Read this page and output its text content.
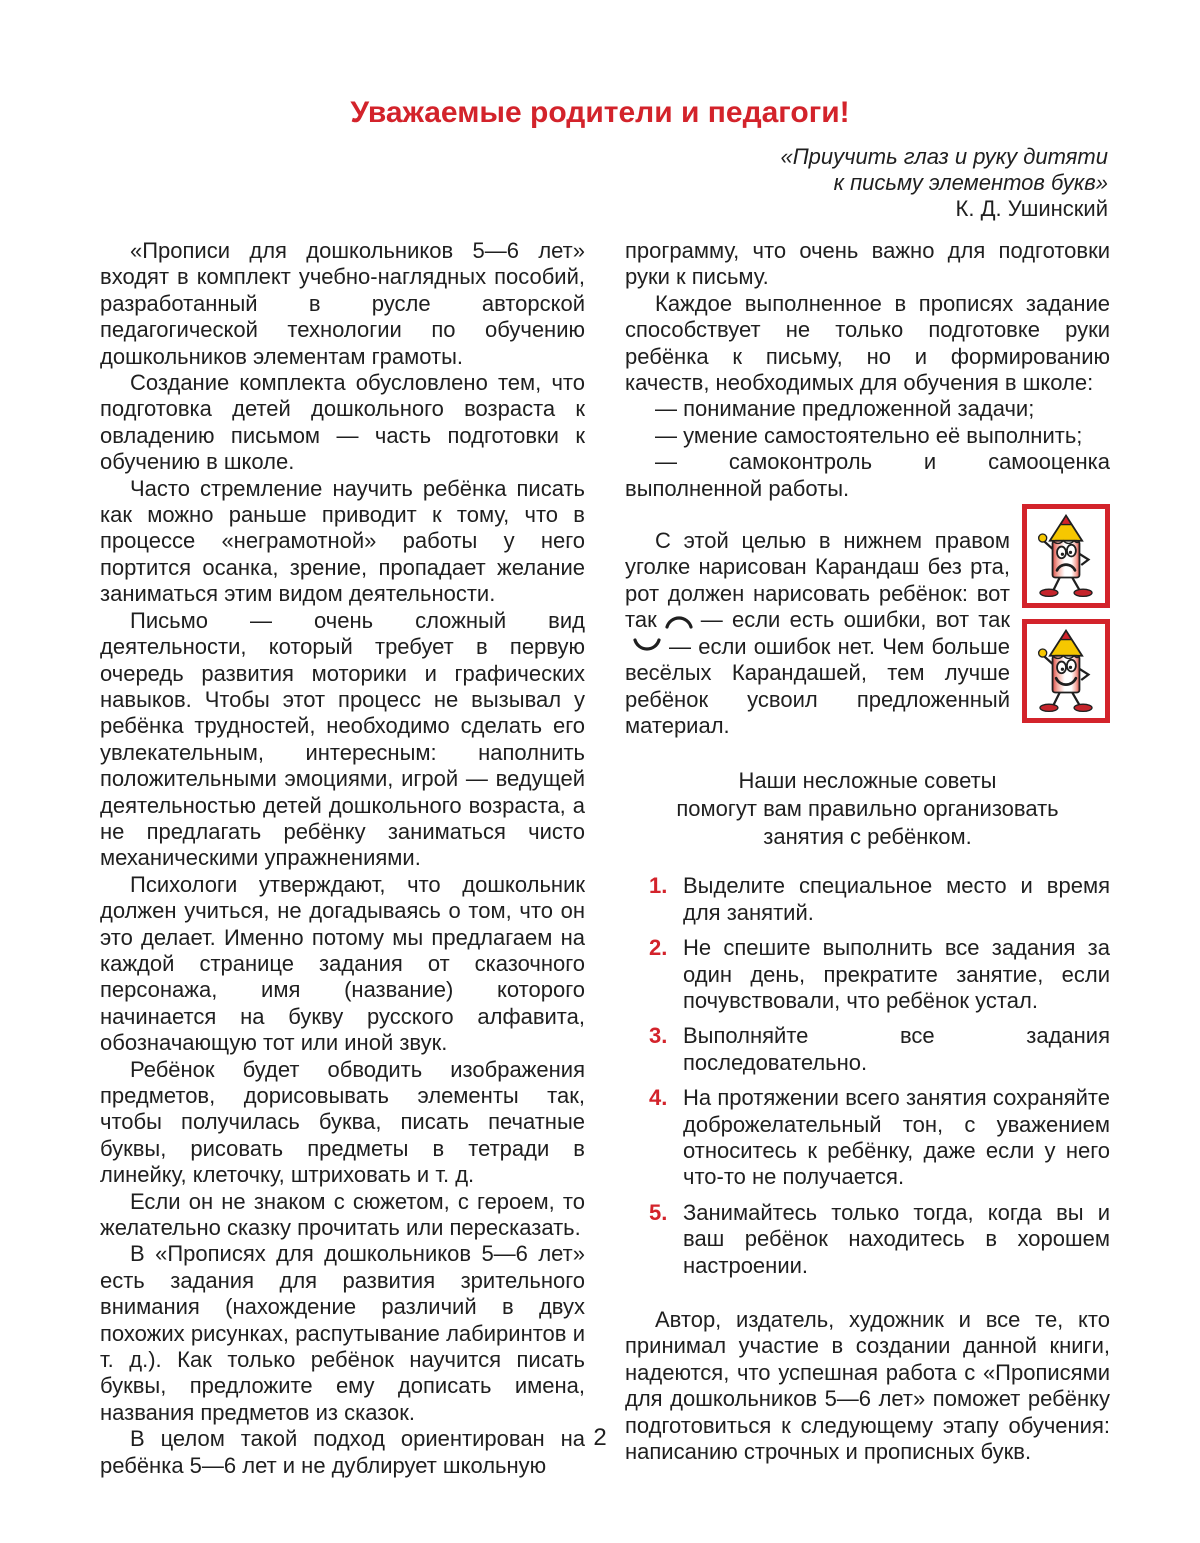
Уважаемые родители и педагоги!
«Приучить глаз и руку дитяти
к письму элементов букв»
К. Д. Ушинский

«Прописи для дошкольников 5—6 лет» входят в комплект учебно-наглядных пособий, разработанный в русле авторской педагогической технологии по обучению дошкольников элементам грамоты.

Создание комплекта обусловлено тем, что подготовка детей дошкольного возраста к овладению письмом — часть подготовки к обучению в школе.

Часто стремление научить ребёнка писать как можно раньше приводит к тому, что в процессе «неграмотной» работы у него портится осанка, зрение, пропадает желание заниматься этим видом деятельности.

Письмо — очень сложный вид деятельности, который требует в первую очередь развития моторики и графических навыков. Чтобы этот процесс не вызывал у ребёнка трудностей, необходимо сделать его увлекательным, интересным: наполнить положительными эмоциями, игрой — ведущей деятельностью детей дошкольного возраста, а не предлагать ребёнку заниматься чисто механическими упражнениями.

Психологи утверждают, что дошкольник должен учиться, не догадываясь о том, что он это делает. Именно потому мы предлагаем на каждой странице задания от сказочного персонажа, имя (название) которого начинается на букву русского алфавита, обозначающую тот или иной звук.

Ребёнок будет обводить изображения предметов, дорисовывать элементы так, чтобы получилась буква, писать печатные буквы, рисовать предметы в тетради в линейку, клеточку, штриховать и т. д.

Если он не знаком с сюжетом, с героем, то желательно сказку прочитать или пересказать.

В «Прописях для дошкольников 5—6 лет» есть задания для развития зрительного внимания (нахождение различий в двух похожих рисунках, распутывание лабиринтов и т. д.). Как только ребёнок научится писать буквы, предложите ему дописать имена, названия предметов из сказок.

В целом такой подход ориентирован на ребёнка 5—6 лет и не дублирует школьную

программу, что очень важно для подготовки руки к письму.

Каждое выполненное в прописях задание способствует не только подготовке руки ребёнка к письму, но и формированию качеств, необходимых для обучения в школе:

— понимание предложенной задачи;

— умение самостоятельно её выполнить;

— самоконтроль и самооценка выполненной работы.

С этой целью в нижнем правом уголке нарисован Карандаш без рта, рот должен нарисовать ребёнок: вот так — если есть ошибки, вот так— если ошибок нет. Чем больше весёлых Карандашей, тем лучше ребёнок усвоил предложенный материал.

Наши несложные советы
помогут вам правильно организовать
занятия с ребёнком.
1. Выделите специальное место и время для занятий.
2. Не спешите выполнить все задания за один день, прекратите занятие, если почувствовали, что ребёнок устал.
3. Выполняйте все задания последовательно.
4. На протяжении всего занятия сохраняйте доброжелательный тон, с уважением относитесь к ребёнку, даже если у него что-то не получается.
5. Занимайтесь только тогда, когда вы и ваш ребёнок находитесь в хорошем настроении.

Автор, издатель, художник и все те, кто принимал участие в создании данной книги, надеются, что успешная работа с «Прописями для дошкольников 5—6 лет» поможет ребёнку подготовиться к следующему этапу обучения: написанию строчных и прописных букв.

2
